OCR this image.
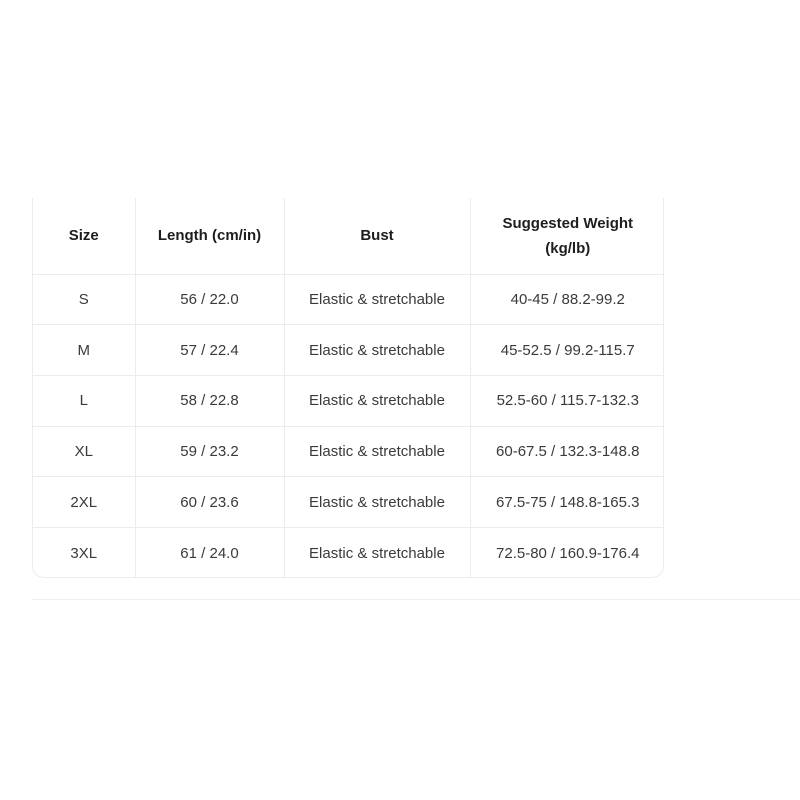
Size	Length (cm/in)	Bust	Suggested Weight
(kg/lb)

S	56 / 22.0	Elastic & stretchable	40-45 / 88.2-99.2
M	57 / 22.4	Elastic & stretchable	45-52.5 / 99.2-115.7
L	58 / 22.8	Elastic & stretchable	52.5-60 / 115.7-132.3
XL	59 / 23.2	Elastic & stretchable	60-67.5 / 132.3-148.8
2XL	60 / 23.6	Elastic & stretchable	67.5-75 / 148.8-165.3
3XL	61 / 24.0	Elastic & stretchable	72.5-80 / 160.9-176.4
